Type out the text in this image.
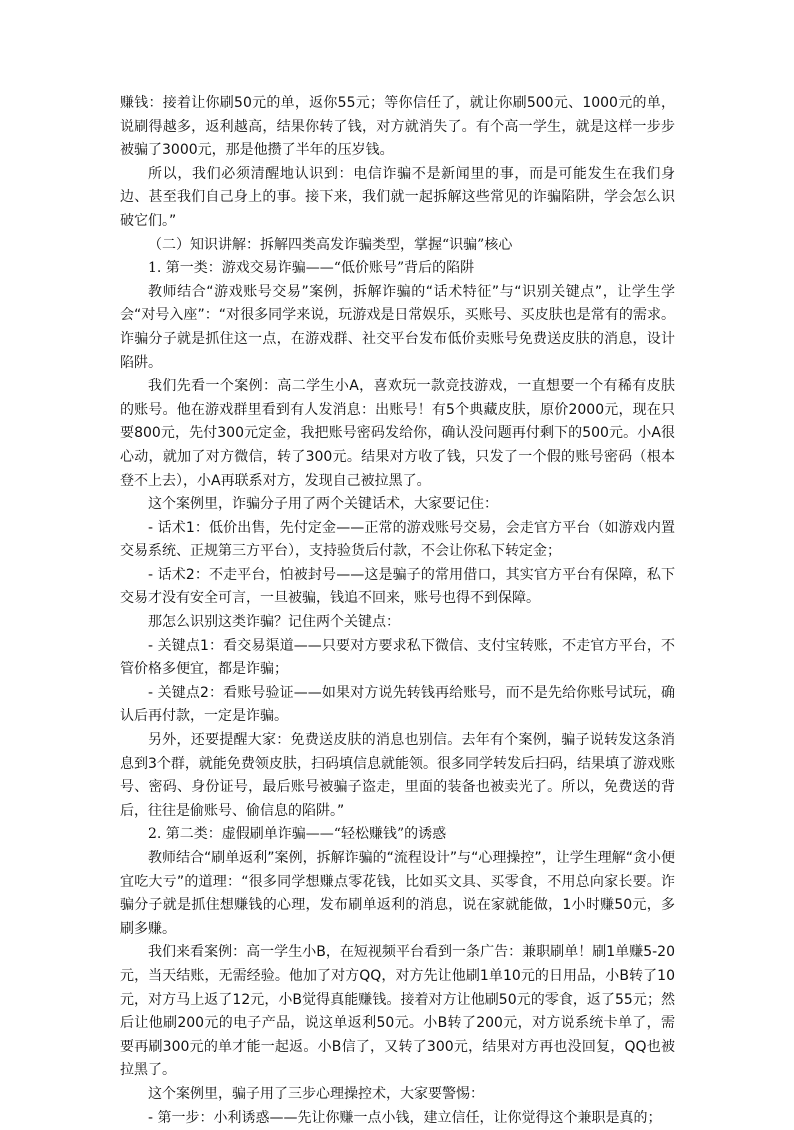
赚钱：接着让你刷50元的单，返你55元；等你信任了，就让你刷500元、1000元的单，说刷得越多，返利越高，结果你转了钱，对方就消失了。有个高一学生，就是这样一步步被骗了3000元，那是他攒了半年的压岁钱。

所以，我们必须清醒地认识到：电信诈骗不是新闻里的事，而是可能发生在我们身边、甚至我们自己身上的事。接下来，我们就一起拆解这些常见的诈骗陷阱，学会怎么识破它们。”

（二）知识讲解：拆解四类高发诈骗类型，掌握“识骗”核心

1. 第一类：游戏交易诈骗——“低价账号”背后的陷阱

教师结合“游戏账号交易”案例，拆解诈骗的“话术特征”与“识别关键点”，让学生学会“对号入座”：“对很多同学来说，玩游戏是日常娱乐，买账号、买皮肤也是常有的需求。诈骗分子就是抓住这一点，在游戏群、社交平台发布低价卖账号免费送皮肤的消息，设计陷阱。

我们先看一个案例：高二学生小A，喜欢玩一款竞技游戏，一直想要一个有稀有皮肤的账号。他在游戏群里看到有人发消息：出账号！有5个典藏皮肤，原价2000元，现在只要800元，先付300元定金，我把账号密码发给你，确认没问题再付剩下的500元。小A很心动，就加了对方微信，转了300元。结果对方收了钱，只发了一个假的账号密码（根本登不上去），小A再联系对方，发现自己被拉黑了。

这个案例里，诈骗分子用了两个关键话术，大家要记住：

- 话术1：低价出售，先付定金——正常的游戏账号交易，会走官方平台（如游戏内置交易系统、正规第三方平台），支持验货后付款，不会让你私下转定金；

- 话术2：不走平台，怕被封号——这是骗子的常用借口，其实官方平台有保障，私下交易才没有安全可言，一旦被骗，钱追不回来，账号也得不到保障。

那怎么识别这类诈骗？记住两个关键点：

- 关键点1：看交易渠道——只要对方要求私下微信、支付宝转账，不走官方平台，不管价格多便宜，都是诈骗；

- 关键点2：看账号验证——如果对方说先转钱再给账号，而不是先给你账号试玩，确认后再付款，一定是诈骗。

另外，还要提醒大家：免费送皮肤的消息也别信。去年有个案例，骗子说转发这条消息到3个群，就能免费领皮肤，扫码填信息就能领。很多同学转发后扫码，结果填了游戏账号、密码、身份证号，最后账号被骗子盗走，里面的装备也被卖光了。所以，免费送的背后，往往是偷账号、偷信息的陷阱。”

2. 第二类：虚假刷单诈骗——“轻松赚钱”的诱惑

教师结合“刷单返利”案例，拆解诈骗的“流程设计”与“心理操控”，让学生理解“贪小便宜吃大亏”的道理：“很多同学想赚点零花钱，比如买文具、买零食，不用总向家长要。诈骗分子就是抓住想赚钱的心理，发布刷单返利的消息，说在家就能做，1小时赚50元，多刷多赚。

我们来看案例：高一学生小B，在短视频平台看到一条广告：兼职刷单！刷1单赚5-20元，当天结账，无需经验。他加了对方QQ，对方先让他刷1单10元的日用品，小B转了10元，对方马上返了12元，小B觉得真能赚钱。接着对方让他刷50元的零食，返了55元；然后让他刷200元的电子产品，说这单返利50元。小B转了200元，对方说系统卡单了，需要再刷300元的单才能一起返。小B信了，又转了300元，结果对方再也没回复，QQ也被拉黑了。

这个案例里，骗子用了三步心理操控术，大家要警惕：

- 第一步：小利诱惑——先让你赚一点小钱，建立信任，让你觉得这个兼职是真的；
